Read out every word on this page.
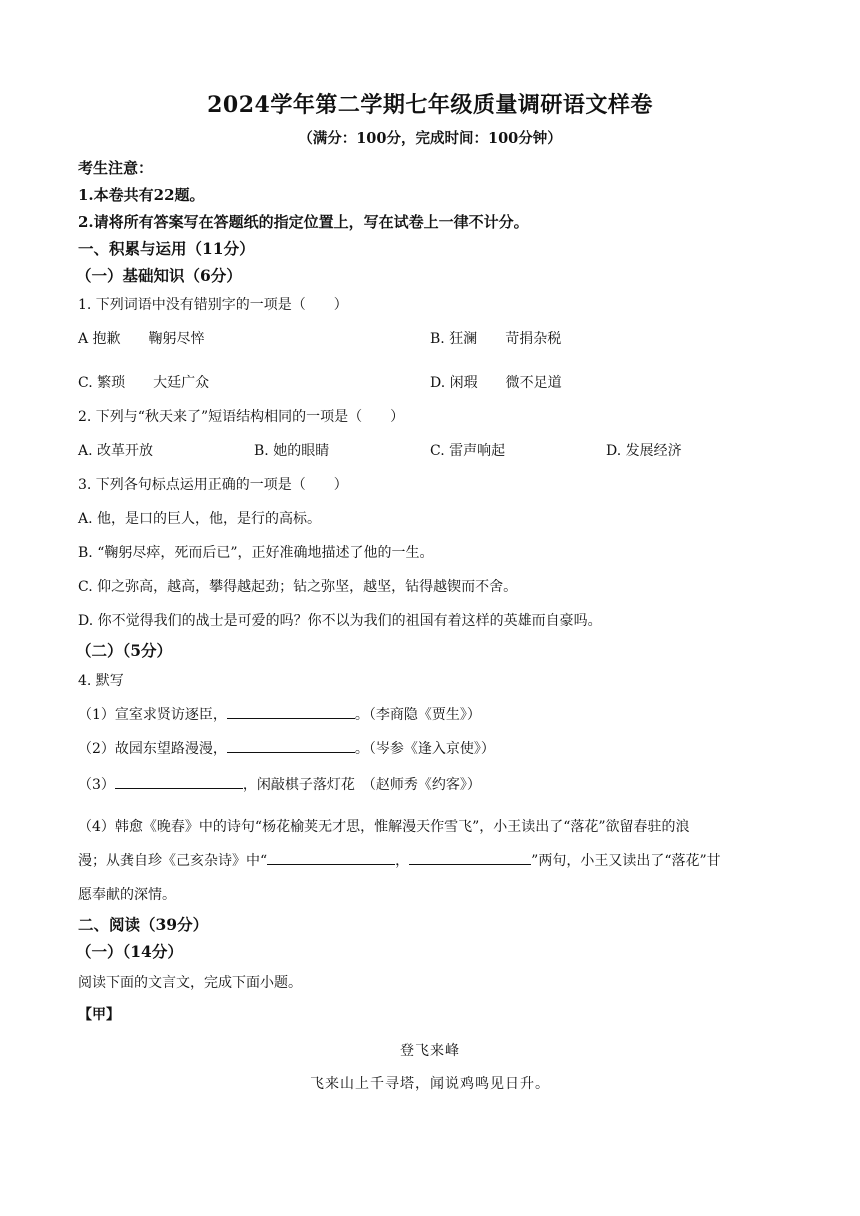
2024学年第二学期七年级质量调研语文样卷
（满分：100分，完成时间：100分钟）
考生注意：
1.本卷共有22题。
2.请将所有答案写在答题纸的指定位置上，写在试卷上一律不计分。
一、积累与运用（11分）
（一）基础知识（6分）
1. 下列词语中没有错别字的一项是（　　）
A 抱歉　　鞠躬尽悴	B. 狂澜　　苛捐杂税
C. 繁琐　　大廷广众	D. 闲瑕　　微不足道
2. 下列与“秋天来了”短语结构相同的一项是（　　）
A. 改革开放	B. 她的眼睛	C. 雷声响起	D. 发展经济
3. 下列各句标点运用正确的一项是（　　）
A. 他，是口的巨人，他，是行的高标。
B. “鞠躬尽瘁，死而后已”，正好准确地描述了他的一生。
C. 仰之弥高，越高，攀得越起劲；钻之弥坚，越坚，钻得越锲而不舍。
D. 你不觉得我们的战士是可爱的吗？你不以为我们的祖国有着这样的英雄而自豪吗。
（二）（5分）
4. 默写
（1）宣室求贤访逐臣，	。（李商隐《贾生》）
（2）故园东望路漫漫，	。（岑参《逢入京使》）
（3）	，闲敲棋子落灯花　（赵师秀《约客》）
（4）韩愈《晚春》中的诗句“杨花榆荚无才思，惟解漫天作雪飞”，小王读出了“落花”欲留春驻的浪
漫；从龚自珍《己亥杂诗》中“	，	”两句，小王又读出了“落花”甘
愿奉献的深情。
二、阅读（39分）
（一）（14分）
阅读下面的文言文，完成下面小题。
【甲】
登飞来峰
飞来山上千寻塔，闻说鸡鸣见日升。
